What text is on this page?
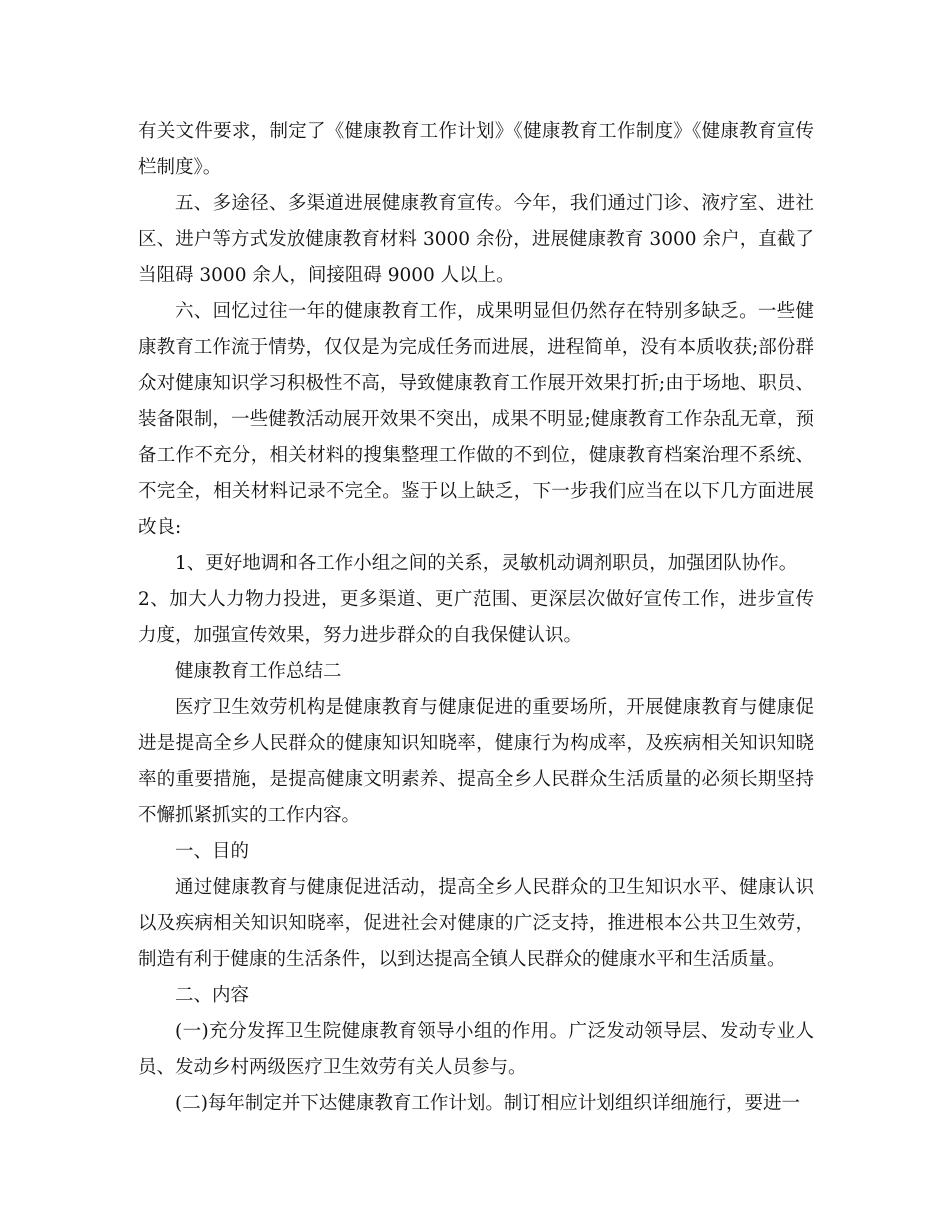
有关文件要求，制定了《健康教育工作计划》《健康教育工作制度》《健康教育宣传栏制度》。

五、多途径、多渠道进展健康教育宣传。今年，我们通过门诊、液疗室、进社区、进户等方式发放健康教育材料 3000 余份，进展健康教育 3000 余户，直截了当阻碍 3000 余人，间接阻碍 9000 人以上。

六、回忆过往一年的健康教育工作，成果明显但仍然存在特别多缺乏。一些健康教育工作流于情势，仅仅是为完成任务而进展，进程简单，没有本质收获;部份群众对健康知识学习积极性不高，导致健康教育工作展开效果打折;由于场地、职员、装备限制，一些健教活动展开效果不突出，成果不明显;健康教育工作杂乱无章，预备工作不充分，相关材料的搜集整理工作做的不到位，健康教育档案治理不系统、不完全，相关材料记录不完全。鉴于以上缺乏，下一步我们应当在以下几方面进展改良:

1、更好地调和各工作小组之间的关系，灵敏机动调剂职员，加强团队协作。

2、加大人力物力投进，更多渠道、更广范围、更深层次做好宣传工作，进步宣传力度，加强宣传效果，努力进步群众的自我保健认识。

健康教育工作总结二

医疗卫生效劳机构是健康教育与健康促进的重要场所，开展健康教育与健康促进是提高全乡人民群众的健康知识知晓率，健康行为构成率，及疾病相关知识知晓率的重要措施，是提高健康文明素养、提高全乡人民群众生活质量的必须长期坚持不懈抓紧抓实的工作内容。

一、目的

通过健康教育与健康促进活动，提高全乡人民群众的卫生知识水平、健康认识以及疾病相关知识知晓率，促进社会对健康的广泛支持，推进根本公共卫生效劳，制造有利于健康的生活条件，以到达提高全镇人民群众的健康水平和生活质量。

二、内容

(一)充分发挥卫生院健康教育领导小组的作用。广泛发动领导层、发动专业人员、发动乡村两级医疗卫生效劳有关人员参与。

(二)每年制定并下达健康教育工作计划。制订相应计划组织详细施行，要进一
